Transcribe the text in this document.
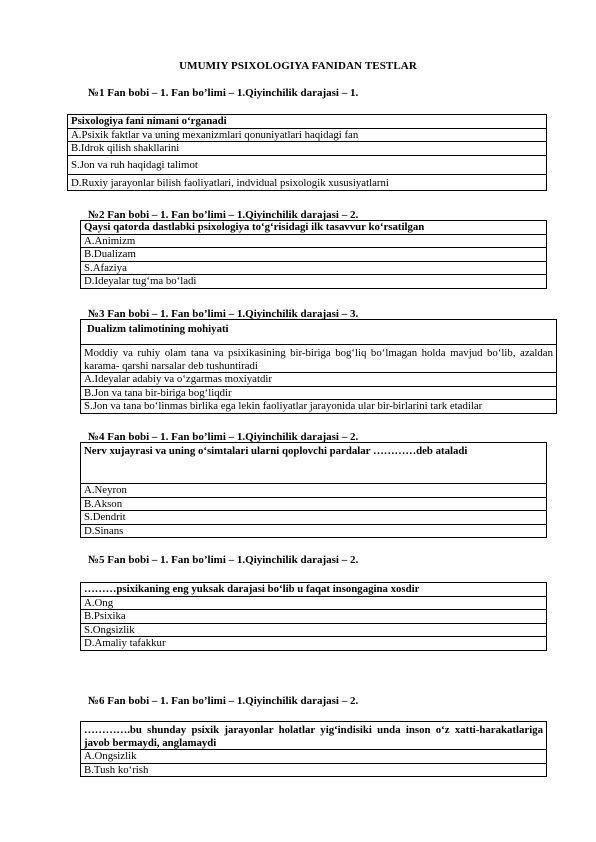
UMUMIY PSIXOLOGIYA FANIDAN TESTLAR
№1 Fan bobi – 1. Fan bo’limi – 1.Qiyinchilik darajasi – 1.
Psixologiya fani nimani o‘rganadi
A.Psixik faktlar va uning mexanizmlari qonuniyatlari haqidagi fan
B.Idrok qilish shakllarini
S.Jon va ruh haqidagi talimot
D.Ruxiy jarayonlar bilish faoliyatlari, indvidual psixologik xususiyatlarni
№2 Fan bobi – 1. Fan bo’limi – 1.Qiyinchilik darajasi – 2.
Qaysi qatorda dastlabki psixologiya to‘g‘risidagi ilk tasavvur ko‘rsatilgan
A.Animizm
B.Dualizam
S.Afaziya
D.Ideyalar tug‘ma bo‘ladi
№3 Fan bobi – 1. Fan bo’limi – 1.Qiyinchilik darajasi – 3.
Dualizm talimotining mohiyati
Moddiy va ruhiy olam tana va psixikasining bir-biriga bog‘liq bo‘lmagan holda mavjud bo‘lib, azaldan karama- qarshi narsalar deb tushuntiradi
A.Ideyalar adabiy va o‘zgarmas moxiyatdir
B.Jon va tana bir-biriga bog‘liqdir
S.Jon va tana bo‘linmas birlika ega lekin faoliyatlar jarayonida ular bir-birlarini tark etadilar
№4 Fan bobi – 1. Fan bo’limi – 1.Qiyinchilik darajasi – 2.
Nerv xujayrasi va uning o‘simtalari ularni qoplovchi pardalar …………deb ataladi
A.Neyron
B.Akson
S.Dendrit
D.Sinans
№5 Fan bobi – 1. Fan bo’limi – 1.Qiyinchilik darajasi – 2.
………psixikaning eng yuksak darajasi bo‘lib u faqat insongagina xosdir
A.Ong
B.Psixika
S.Ongsizlik
D.Amaliy tafakkur
№6 Fan bobi – 1. Fan bo’limi – 1.Qiyinchilik darajasi – 2.
………….bu shunday psixik jarayonlar holatlar yig‘indisiki unda inson o‘z xatti-harakatlariga javob bermaydi, anglamaydi
A.Ongsizlik
B.Tush ko‘rish
